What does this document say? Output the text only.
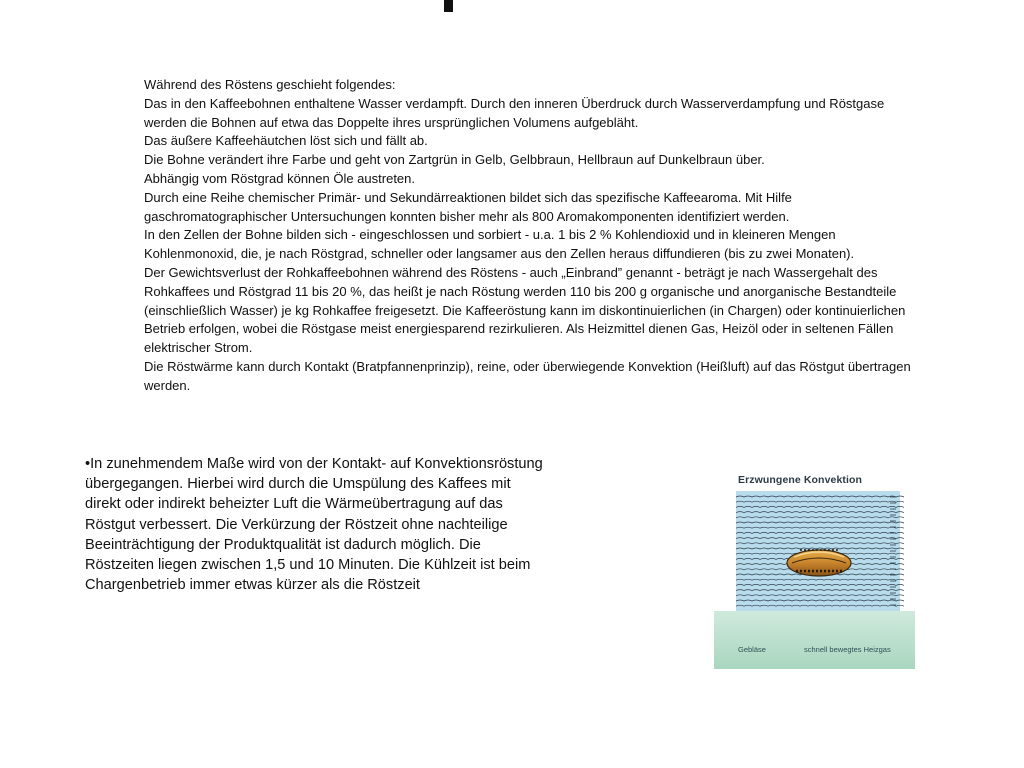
Während des Röstens geschieht folgendes:

Das in den Kaffeebohnen enthaltene Wasser verdampft. Durch den inneren Überdruck durch Wasserverdampfung und Röstgase werden die Bohnen auf etwa das Doppelte ihres ursprünglichen Volumens aufgebläht.

Das äußere Kaffeehäutchen löst sich und fällt ab.

Die Bohne verändert ihre Farbe und geht von Zartgrün in Gelb, Gelbbraun, Hellbraun auf Dunkelbraun über.

Abhängig vom Röstgrad können Öle austreten.

Durch eine Reihe chemischer Primär- und Sekundärreaktionen bildet sich das spezifische Kaffeearoma. Mit Hilfe gaschromatographischer Untersuchungen konnten bisher mehr als 800 Aromakomponenten identifiziert werden.

In den Zellen der Bohne bilden sich - eingeschlossen und sorbiert - u.a. 1 bis 2 % Kohlendioxid und in kleineren Mengen Kohlenmonoxid, die, je nach Röstgrad, schneller oder langsamer aus den Zellen heraus diffundieren (bis zu zwei Monaten).

Der Gewichtsverlust der Rohkaffeebohnen während des Röstens - auch „Einbrand” genannt - beträgt je nach Wassergehalt des Rohkaffees und Röstgrad 11 bis 20 %, das heißt je nach Röstung werden 110 bis 200 g organische und anorganische Bestandteile (einschließlich Wasser) je kg Rohkaffee freigesetzt. Die Kaffeeröstung kann im diskontinuierlichen (in Chargen) oder kontinuierlichen Betrieb erfolgen, wobei die Röstgase meist energiesparend rezirkulieren. Als Heizmittel dienen Gas, Heizöl oder in seltenen Fällen elektrischer Strom.

Die Röstwärme kann durch Kontakt (Bratpfannenprinzip), reine, oder überwiegende Konvektion (Heißluft) auf das Röstgut übertragen werden.

•In zunehmendem Maße wird von der Kontakt- auf Konvektionsröstung übergegangen. Hierbei wird durch die Umspülung des Kaffees mit direkt oder indirekt beheizter Luft die Wärmeübertragung auf das Röstgut verbessert. Die Verkürzung der Röstzeit ohne nachteilige Beeinträchtigung der Produktqualität ist dadurch möglich. Die Röstzeiten liegen zwischen 1,5 und 10 Minuten. Die Kühlzeit ist beim Chargenbetrieb immer etwas kürzer als die Röstzeit
Erzwungene Konvektion
Gebläse	schnell bewegtes Heizgas
